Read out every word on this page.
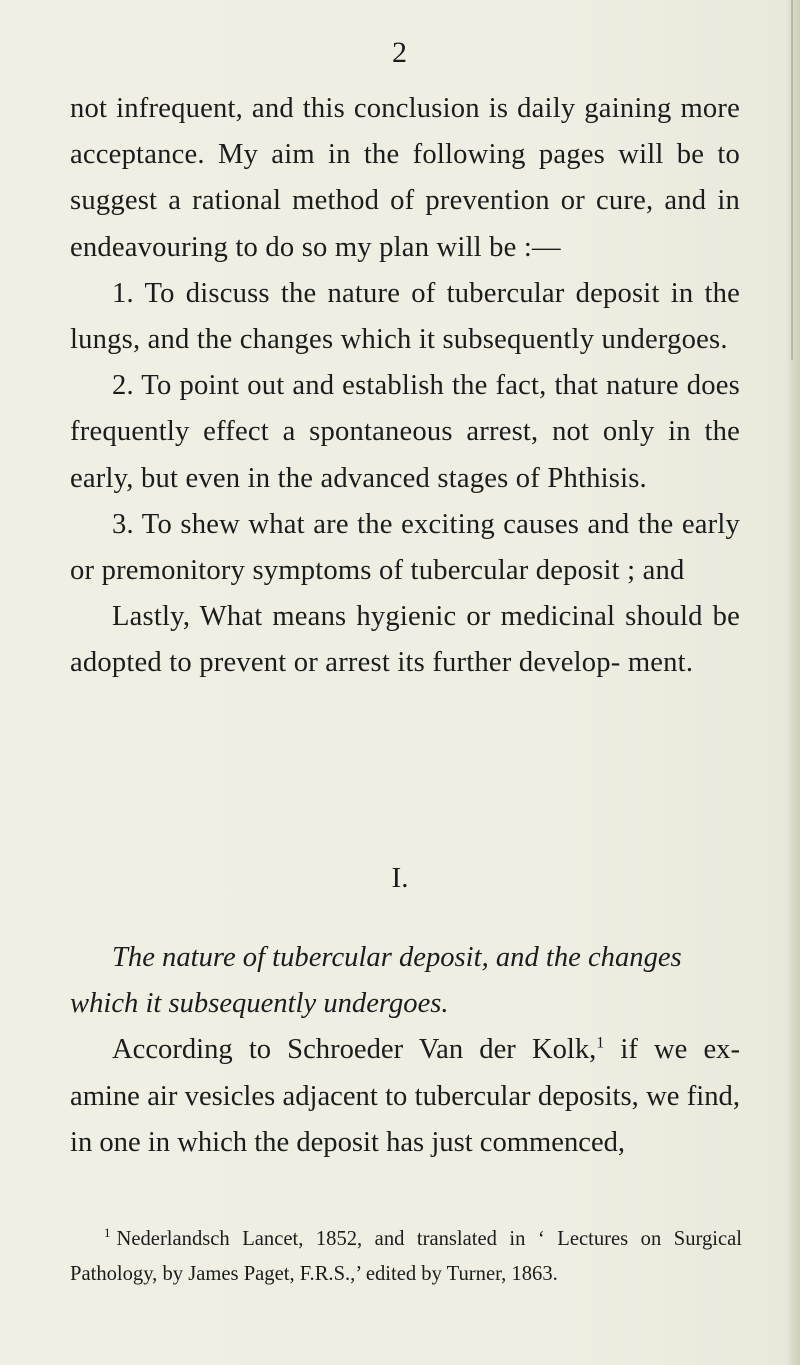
2

not infrequent, and this conclusion is daily gaining more acceptance. My aim in the following pages will be to suggest a rational method of prevention or cure, and in endeavouring to do so my plan will be :—

1. To discuss the nature of tubercular deposit in the lungs, and the changes which it subsequently undergoes.

2. To point out and establish the fact, that nature does frequently effect a spontaneous arrest, not only in the early, but even in the advanced stages of Phthisis.

3. To shew what are the exciting causes and the early or premonitory symptoms of tubercular deposit ; and

Lastly, What means hygienic or medicinal should be adopted to prevent or arrest its further develop- ment.

I.

The nature of tubercular deposit, and the changes which it subsequently undergoes.

According to Schroeder Van der Kolk,$^1$ if we ex- amine air vesicles adjacent to tubercular deposits, we find, in one in which the deposit has just commenced,

$^1$ Nederlandsch Lancet, 1852, and translated in ‘ Lectures on Surgical Pathology, by James Paget, F.R.S.,’ edited by Turner, 1863.
